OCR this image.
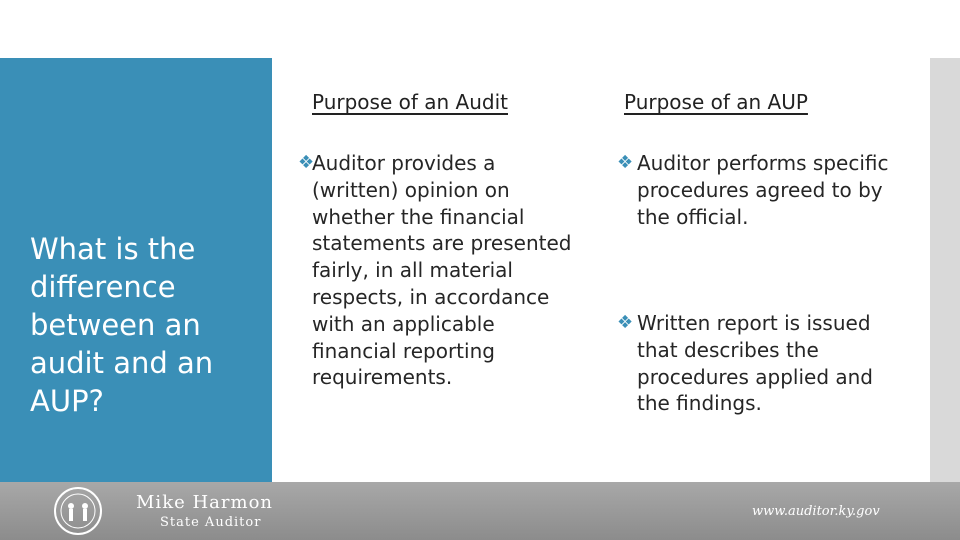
What is the difference between an audit and an AUP?
Purpose of an Audit	Purpose of an AUP
❖
Auditor provides a (written) opinion on whether the financial statements are presented fairly, in all material respects, in accordance with an applicable financial reporting requirements.
❖ Auditor performs specific procedures agreed to by the official.
❖ Written report is issued that describes the procedures applied and the findings.
Mike Harmon
State Auditor
www.auditor.ky.gov
